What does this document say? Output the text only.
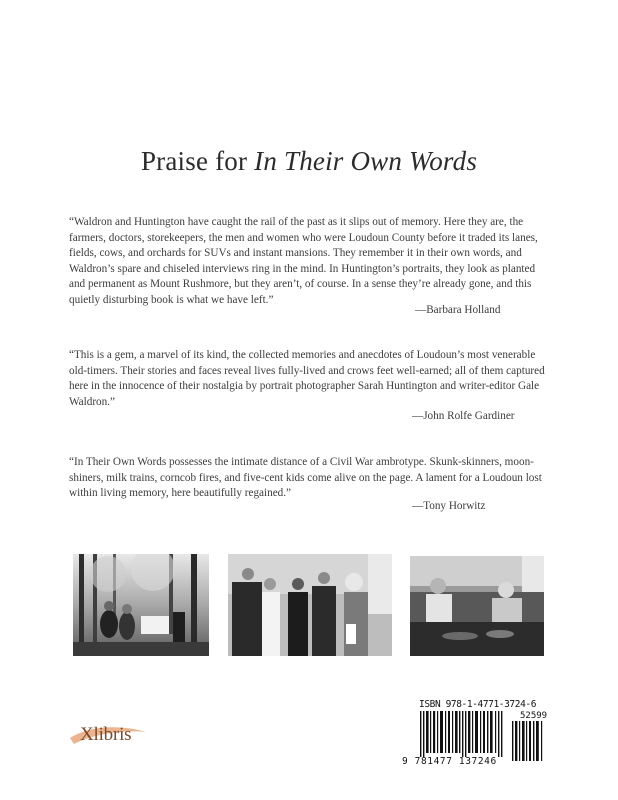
Praise for In Their Own Words

“Waldron and Huntington have caught the rail of the past as it slips out of memory. Here they are, the farmers, doctors, storekeepers, the men and women who were Loudoun County before it traded its lanes, fields, cows, and orchards for SUVs and instant mansions. They remember it in their own words, and Waldron’s spare and chiseled interviews ring in the mind. In Huntington’s portraits, they look as planted and permanent as Mount Rushmore, but they aren’t, of course. In a sense they’re already gone, and this quietly disturbing book is what we have left.”

—Barbara Holland

“This is a gem, a marvel of its kind, the collected memories and anecdotes of Loudoun’s most venerable old-timers. Their stories and faces reveal lives fully-lived and crows feet well-earned; all of them captured here in the innocence of their nostalgia by portrait photographer Sarah Huntington and writer-editor Gale Waldron.”

—John Rolfe Gardiner

“In Their Own Words possesses the intimate distance of a Civil War ambrotype. Skunk-skinners, moon-shiners, milk trains, corncob fires, and five-cent kids come alive on the page. A lament for a Loudoun lost within living memory, here beautifully regained.”

—Tony Horwitz
ISBN 978-1-4771-3724-6
52599
9 781477 137246
Xlibris
